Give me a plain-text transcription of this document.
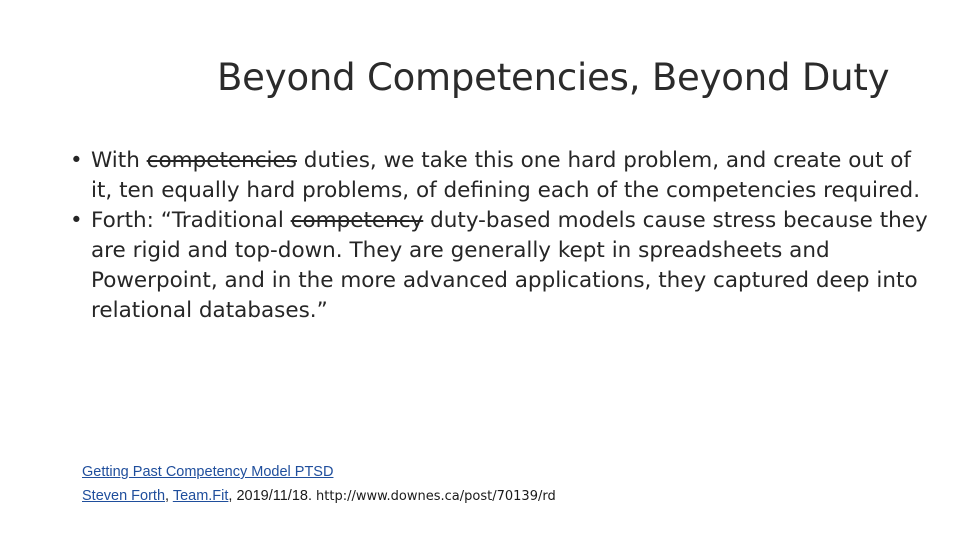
Beyond Competencies, Beyond Duty
• With competencies duties, we take this one hard problem, and create out of it, ten equally hard problems, of defining each of the competencies required.
• Forth: “Traditional competency duty-based models cause stress because they are rigid and top-down. They are generally kept in spreadsheets and Powerpoint, and in the more advanced applications, they captured deep into relational databases.”
Getting Past Competency Model PTSD
Steven Forth, Team.Fit, 2019/11/18. http://www.downes.ca/post/70139/rd
